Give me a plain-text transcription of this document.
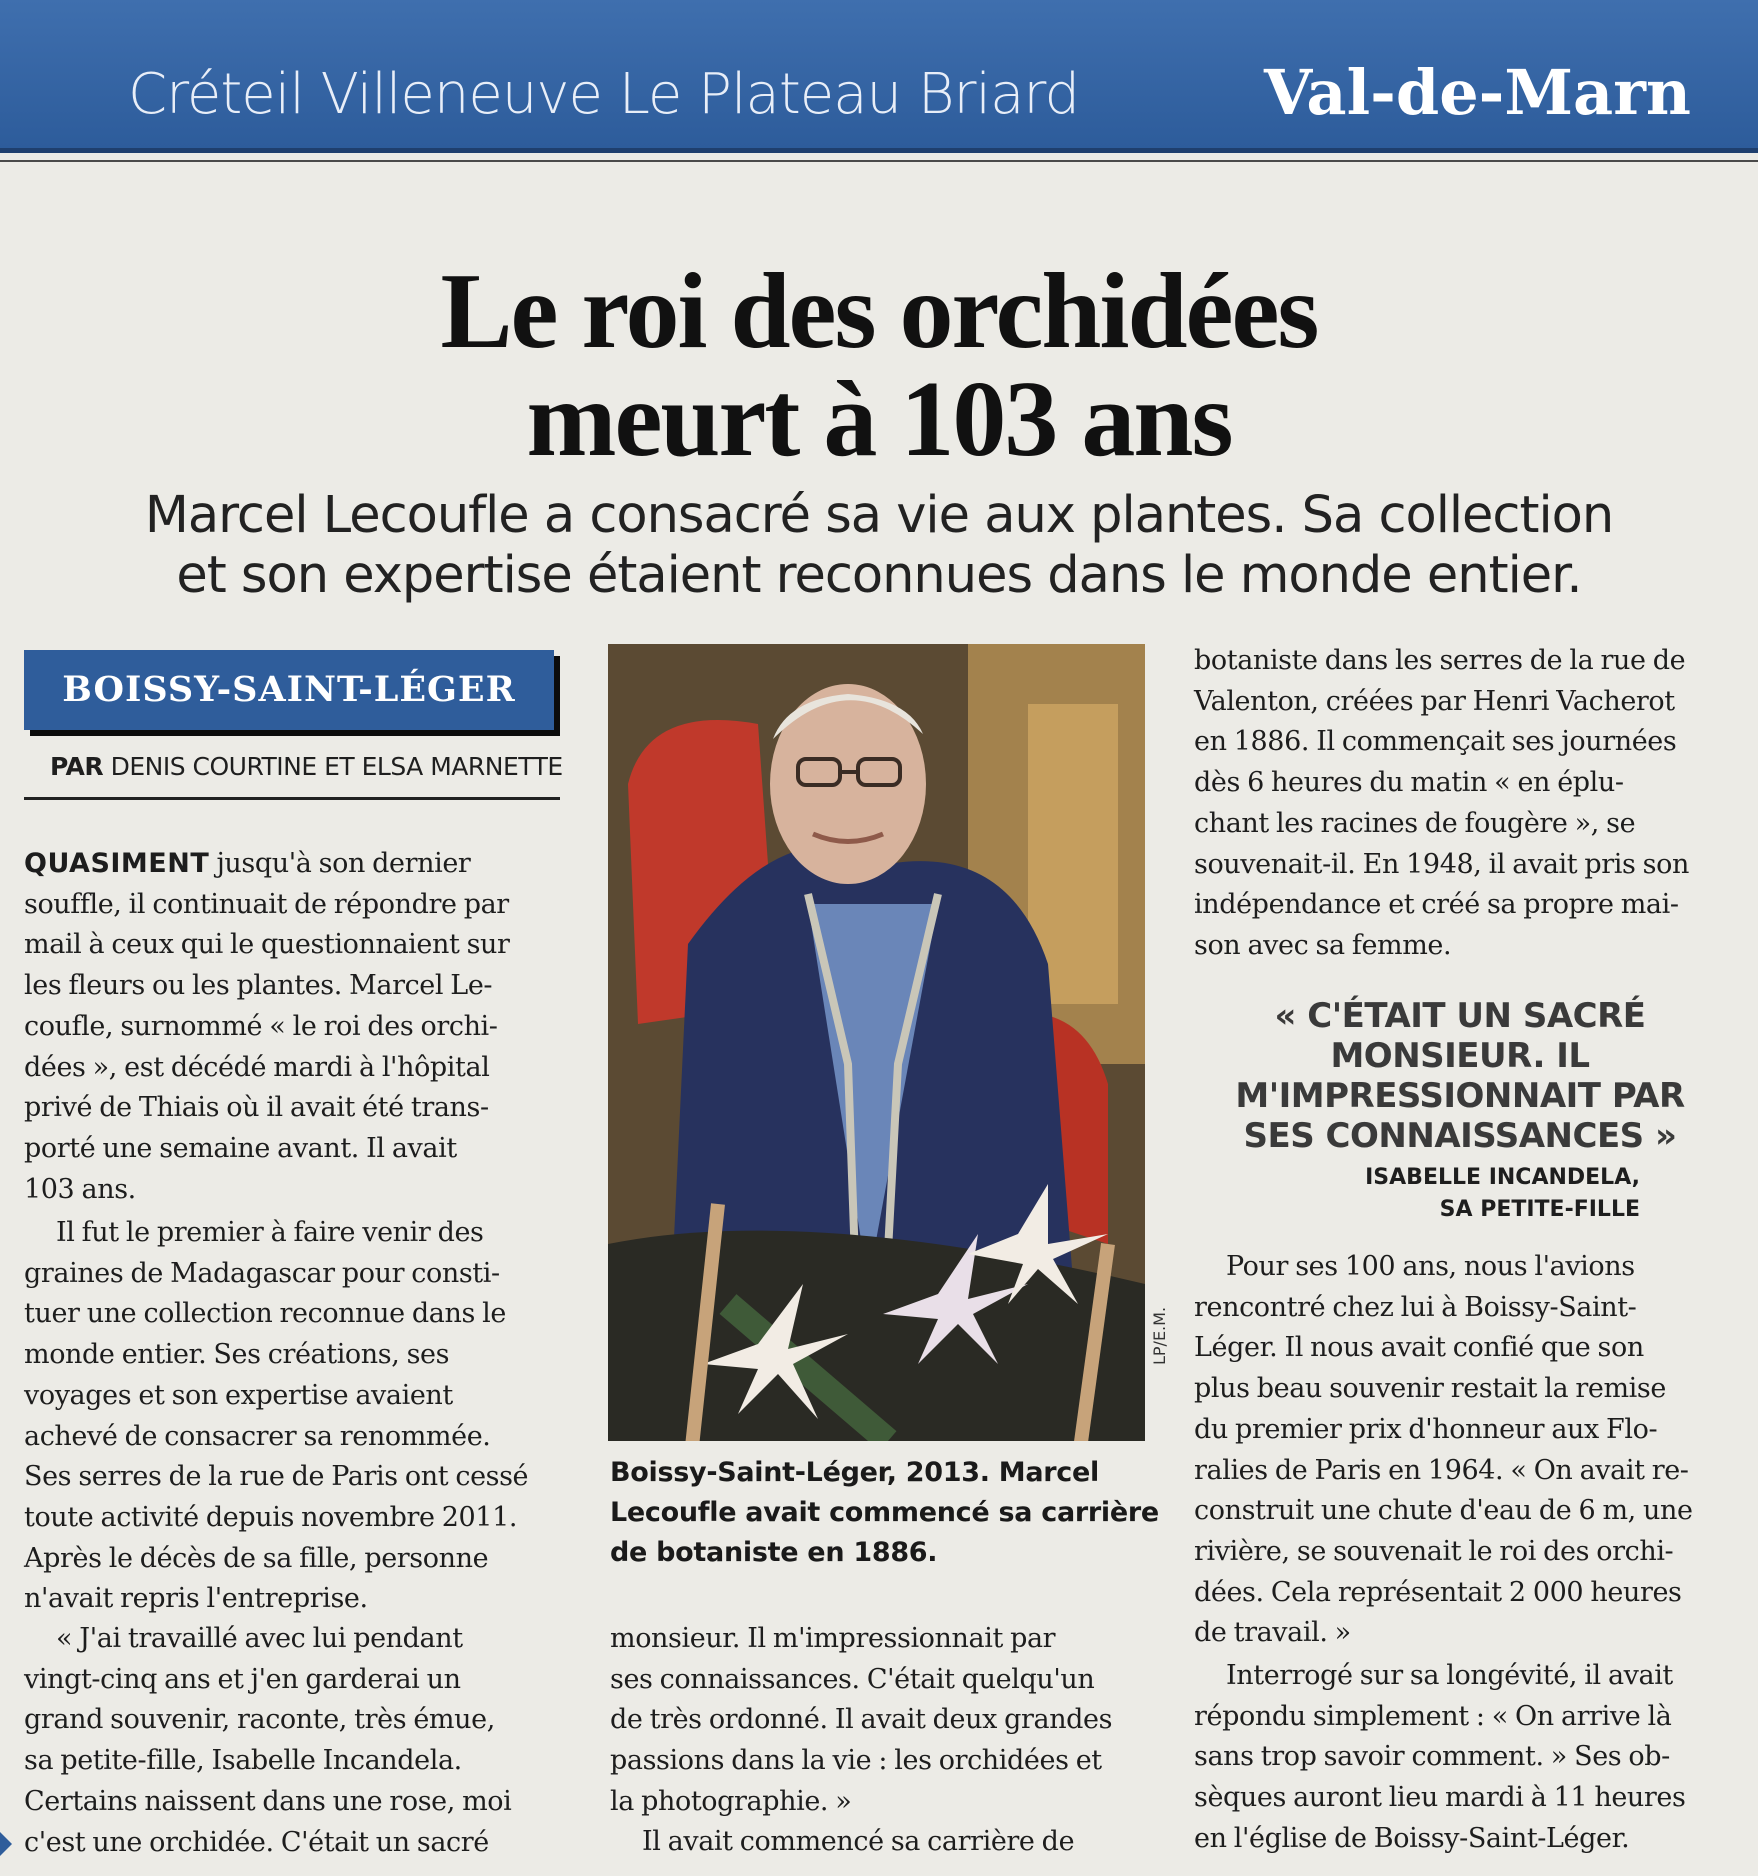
Créteil Villeneuve Le Plateau Briard	Val-de-Marn
Le roi des orchidées
meurt à 103 ans
Marcel Lecoufle a consacré sa vie aux plantes. Sa collection
et son expertise étaient reconnues dans le monde entier.
BOISSY-SAINT-LÉGER
PAR DENIS COURTINE ET ELSA MARNETTE
QUASIMENT jusqu'à son dernier
souffle, il continuait de répondre par
mail à ceux qui le questionnaient sur
les fleurs ou les plantes. Marcel Le-
coufle, surnommé « le roi des orchi-
dées », est décédé mardi à l'hôpital
privé de Thiais où il avait été trans-
porté une semaine avant. Il avait
103 ans.
Il fut le premier à faire venir des
graines de Madagascar pour consti-
tuer une collection reconnue dans le
monde entier. Ses créations, ses
voyages et son expertise avaient
achevé de consacrer sa renommée.
Ses serres de la rue de Paris ont cessé
toute activité depuis novembre 2011.
Après le décès de sa fille, personne
n'avait repris l'entreprise.
« J'ai travaillé avec lui pendant
vingt-cinq ans et j'en garderai un
grand souvenir, raconte, très émue,
sa petite-fille, Isabelle Incandela.
Certains naissent dans une rose, moi
c'est une orchidée. C'était un sacré
LP/E.M.
Boissy-Saint-Léger, 2013. Marcel
Lecoufle avait commencé sa carrière
de botaniste en 1886.
monsieur. Il m'impressionnait par
ses connaissances. C'était quelqu'un
de très ordonné. Il avait deux grandes
passions dans la vie : les orchidées et
la photographie. »
Il avait commencé sa carrière de
botaniste dans les serres de la rue de
Valenton, créées par Henri Vacherot
en 1886. Il commençait ses journées
dès 6 heures du matin « en éplu-
chant les racines de fougère », se
souvenait-il. En 1948, il avait pris son
indépendance et créé sa propre mai-
son avec sa femme.
« C'ÉTAIT UN SACRÉ
MONSIEUR. IL
M'IMPRESSIONNAIT PAR
SES CONNAISSANCES »
ISABELLE INCANDELA,
SA PETITE-FILLE
Pour ses 100 ans, nous l'avions
rencontré chez lui à Boissy-Saint-
Léger. Il nous avait confié que son
plus beau souvenir restait la remise
du premier prix d'honneur aux Flo-
ralies de Paris en 1964. « On avait re-
construit une chute d'eau de 6 m, une
rivière, se souvenait le roi des orchi-
dées. Cela représentait 2 000 heures
de travail. »
Interrogé sur sa longévité, il avait
répondu simplement : « On arrive là
sans trop savoir comment. » Ses ob-
sèques auront lieu mardi à 11 heures
en l'église de Boissy-Saint-Léger.
